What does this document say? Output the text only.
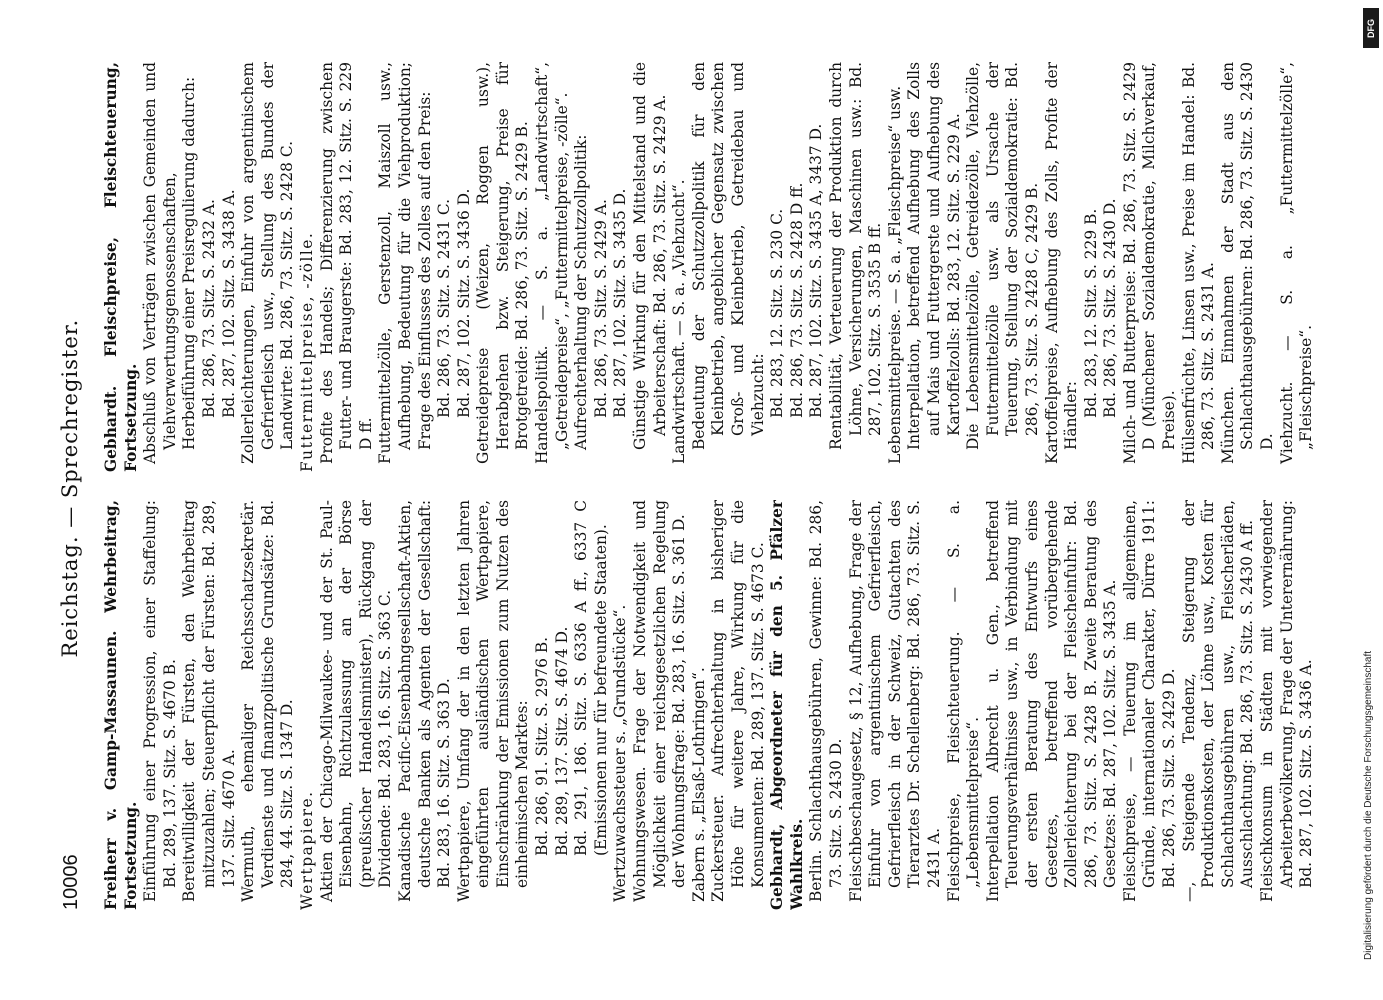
10006
Reichstag. — Sprechregister.

Freiherr v. Gamp-Massaunen. Wehrbeitrag, Fortsetzung. Einführung einer Progression, einer Staffelung: Bd. 289, 137. Sitz. S. 4670 B. Bereitwilligkeit der Fürsten, den Wehrbeitrag mitzuzahlen; Steuerpflicht der Fürsten: Bd. 289, 137. Sitz. 4670 A. Wermuth, ehemaliger Reichsschatzsekretär. Verdienste und finanzpolitische Grundsätze: Bd. 284, 44. Sitz. S. 1347 D. Wertpapiere. Aktien der Chicago-Milwaukee- und der St. Paul-Eisenbahn, Richtzulassung an der Börse (preußischer Handelsminister), Rückgang der Dividende: Bd. 283, 16. Sitz. S. 363 C. Kanadische Pacific-Eisenbahngesellschaft-Aktien, deutsche Banken als Agenten der Gesellschaft: Bd. 283, 16. Sitz. S. 363 D. Wertpapiere, Umfang der in den letzten Jahren eingeführten ausländischen Wertpapiere, Einschränkung der Emissionen zum Nutzen des einheimischen Marktes: Bd. 286, 91. Sitz. S. 2976 B. Bd. 289, 137. Sitz. S. 4674 D. Bd. 291, 186. Sitz. S. 6336 A ff., 6337 C (Emissionen nur für befreundete Staaten). Wertzuwachssteuer s. „Grundstücke“. Wohnungswesen. Frage der Notwendigkeit und Möglichkeit einer reichsgesetzlichen Regelung der Wohnungsfrage: Bd. 283, 16. Sitz. S. 361 D. Zabern s. „Elsaß-Lothringen“. Zuckersteuer. Aufrechterhaltung in bisheriger Höhe für weitere Jahre, Wirkung für die Konsumenten: Bd. 289, 137. Sitz. S. 4673 C. Gebhardt, Abgeordneter für den 5. Pfälzer Wahlkreis. Berlin. Schlachthausgebühren, Gewinne: Bd. 286, 73. Sitz. S. 2430 D. Fleischbeschaugesetz, § 12, Aufhebung, Frage der Einfuhr von argentinischem Gefrierfleisch, Gefrierfleisch in der Schweiz, Gutachten des Tierarztes Dr. Schellenberg: Bd. 286, 73. Sitz. S. 2431 A. Fleischpreise, Fleischteuerung. — S. a. „Lebensmittelpreise“. Interpellation Albrecht u. Gen., betreffend Teuerungsverhältnisse usw., in Verbindung mit der ersten Beratung des Entwurfs eines Gesetzes, betreffend vorübergehende Zollerleichterung bei der Fleischeinfuhr: Bd. 286, 73. Sitz. S. 2428 B. Zweite Beratung des Gesetzes: Bd. 287, 102. Sitz. S. 3435 A. Fleischpreise, — Teuerung im allgemeinen, Gründe, internationaler Charakter, Dürre 1911: Bd. 286, 73. Sitz. S. 2429 D. —, Steigende Tendenz, Steigerung der Produktionskosten, der Löhne usw., Kosten für Schlachthausgebühren usw., Fleischerläden, Ausschlachtung: Bd. 286, 73. Sitz. S. 2430 A ff. Fleischkonsum in Städten mit vorwiegender Arbeiterbevölkerung, Frage der Unterernährung: Bd. 287, 102. Sitz. S. 3436 A.

Gebhardt. Fleischpreise, Fleischteuerung, Fortsetzung. Abschluß von Verträgen zwischen Gemeinden und Viehverwertungsgenossenschaften, Herbeiführung einer Preisregulierung dadurch: Bd. 286, 73. Sitz. S. 2432 A. Bd. 287, 102. Sitz. S. 3438 A. Zollerleichterungen, Einfuhr von argentinischem Gefrierfleisch usw., Stellung des Bundes der Landwirte: Bd. 286, 73. Sitz. S. 2428 C. Futtermittelpreise, -zölle. Profite des Handels; Differenzierung zwischen Futter- und Braugerste: Bd. 283, 12. Sitz. S. 229 D ff. Futtermittelzölle, Gerstenzoll, Maiszoll usw., Aufhebung, Bedeutung für die Viehproduktion; Frage des Einflusses des Zolles auf den Preis: Bd. 286, 73. Sitz. S. 2431 C. Bd. 287, 102. Sitz. S. 3436 D. Getreidepreise (Weizen, Roggen usw.), Herabgehen bzw. Steigerung, Preise für Brotgetreide: Bd. 286, 73. Sitz. S. 2429 B. Handelspolitik. — S. a. „Landwirtschaft“, „Getreidepreise“, „Futtermittelpreise, -zölle“. Aufrechterhaltung der Schutzzollpolitik: Bd. 286, 73. Sitz. S. 2429 A. Bd. 287, 102. Sitz. S. 3435 D. Günstige Wirkung für den Mittelstand und die Arbeiterschaft: Bd. 286, 73. Sitz. S. 2429 A. Landwirtschaft. — S. a. „Viehzucht“. Bedeutung der Schutzzollpolitik für den Kleinbetrieb, angeblicher Gegensatz zwischen Groß- und Kleinbetrieb, Getreidebau und Viehzucht: Bd. 283, 12. Sitz. S. 230 C. Bd. 286, 73. Sitz. S. 2428 D ff. Bd. 287, 102. Sitz. S. 3435 A, 3437 D. Rentabilität, Verteuerung der Produktion durch Löhne, Versicherungen, Maschinen usw.: Bd. 287, 102. Sitz. S. 3535 B ff. Lebensmittelpreise. — S. a. „Fleischpreise“ usw. Interpellation, betreffend Aufhebung des Zolls auf Mais und Futtergerste und Aufhebung des Kartoffelzolls: Bd. 283, 12. Sitz. S. 229 A. Die Lebensmittelzölle, Getreidezölle, Viehzölle, Futtermittelzölle usw. als Ursache der Teuerung, Stellung der Sozialdemokratie: Bd. 286, 73. Sitz. S. 2428 C, 2429 B. Kartoffelpreise, Aufhebung des Zolls, Profite der Händler: Bd. 283, 12. Sitz. S. 229 B. Bd. 286, 73. Sitz. S. 2430 D. Milch- und Butterpreise: Bd. 286, 73. Sitz. S. 2429 D (Münchener Sozialdemokratie, Milchverkauf, Preise). Hülsenfrüchte, Linsen usw., Preise im Handel: Bd. 286, 73. Sitz. S. 2431 A. München. Einnahmen der Stadt aus den Schlachthausgebühren: Bd. 286, 73. Sitz. S. 2430 D. Viehzucht. — S. a. „Futtermittelzölle“, „Fleischpreise“.

DFG
Digitalisierung gefördert durch die Deutsche Forschungsgemeinschaft
